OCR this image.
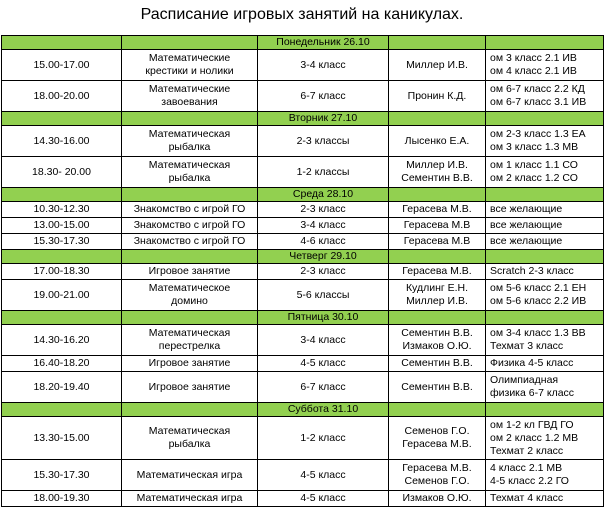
Расписание игровых занятий на каникулах.
		Понедельник 26.10		

15.00-17.00	Математические
крестики и нолики	3-4 класс	Миллер И.В.	ом 3 класс 2.1 ИВ
ом 4 класс 2.1 ИВ

18.00-20.00	Математические
завоевания	6-7 класс	Пронин К.Д.	ом 6-7 класс 2.2 КД
ом 6-7 класс 3.1 ИВ

		Вторник 27.10		

14.30-16.00	Математическая
рыбалка	2-3 классы	Лысенко Е.А.	ом 2-3 класс 1.3 ЕА
ом 3 класс 1.3 МВ

18.30- 20.00	Математическая
рыбалка	1-2 классы	Миллер И.В.
Сементин В.В.	ом 1 класс 1.1 СО
ом 2 класс 1.2 СО

		Среда 28.10		

10.30-12.30	Знакомство с игрой ГО	2-3 класс	Герасева М.В.	все желающие

13.00-15.00	Знакомство с игрой ГО	3-4 класс	Герасева М.В	все желающие

15.30-17.30	Знакомство с игрой ГО	4-6 класс	Герасева М.В	все желающие

		Четверг 29.10		

17.00-18.30	Игровое занятие	2-3 класс	Герасева М.В.	Scratch 2-3 класс

19.00-21.00	Математическое
домино	5-6 классы	Кудлинг Е.Н.
Миллер И.В.	ом 5-6 класс 2.1 ЕН
ом 5-6 класс 2.2 ИВ

		Пятница 30.10		

14.30-16.20	Математическая
перестрелка	3-4 класс	Сементин В.В.
Измаков О.Ю.	ом 3-4 класс 1.3 ВВ
Техмат 3 класс

16.40-18.20	Игровое занятие	4-5 класс	Сементин В.В.	Физика 4-5 класс

18.20-19.40	Игровое занятие	6-7 класс	Сементин В.В.	Олимпиадная
физика 6-7 класс

		Суббота 31.10		

13.30-15.00	Математическая
рыбалка	1-2 класс	Семенов Г.О.
Герасева М.В.	ом 1-2 кл ГВД ГО
ом 2 класс 1.2 МВ
Техмат 2 класс

15.30-17.30	Математическая игра	4-5 класс	Герасева М.В.
Семенов Г.О.	4 класс 2.1 МВ
4-5 класс 2.2 ГО

18.00-19.30	Математическая игра	4-5 класс	Измаков О.Ю.	Техмат 4 класс
